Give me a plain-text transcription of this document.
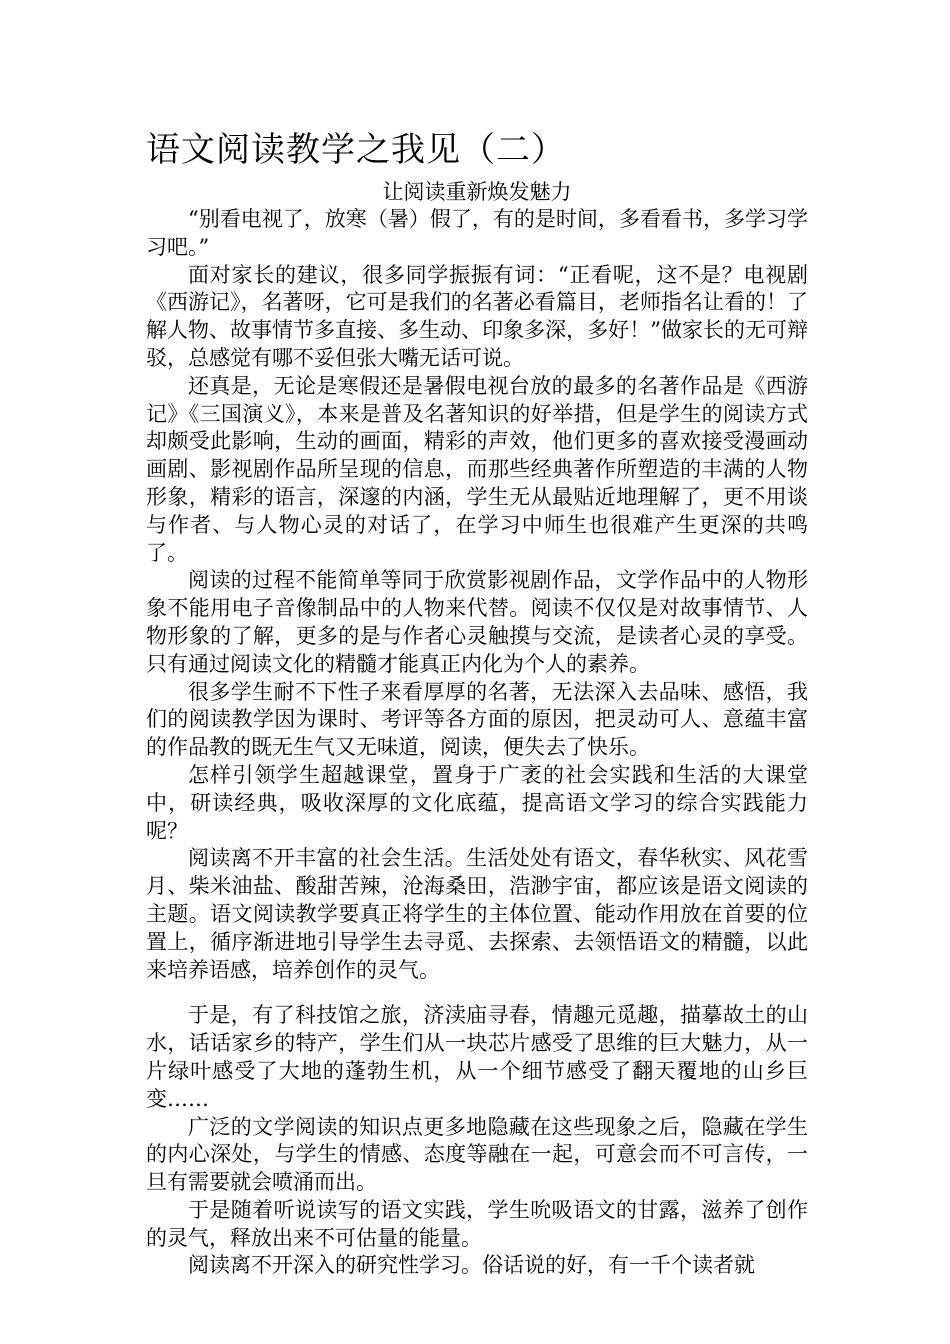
语文阅读教学之我见（二）

让阅读重新焕发魅力

“别看电视了，放寒（暑）假了，有的是时间，多看看书，多学习学习吧。”

面对家长的建议，很多同学振振有词：“正看呢，这不是？电视剧《西游记》，名著呀，它可是我们的名著必看篇目，老师指名让看的！了解人物、故事情节多直接、多生动、印象多深，多好！”做家长的无可辩驳，总感觉有哪不妥但张大嘴无话可说。

还真是，无论是寒假还是暑假电视台放的最多的名著作品是《西游记》《三国演义》，本来是普及名著知识的好举措，但是学生的阅读方式却颇受此影响，生动的画面，精彩的声效，他们更多的喜欢接受漫画动画剧、影视剧作品所呈现的信息，而那些经典著作所塑造的丰满的人物形象，精彩的语言，深邃的内涵，学生无从最贴近地理解了，更不用谈与作者、与人物心灵的对话了，在学习中师生也很难产生更深的共鸣了。

阅读的过程不能简单等同于欣赏影视剧作品，文学作品中的人物形象不能用电子音像制品中的人物来代替。阅读不仅仅是对故事情节、人物形象的了解，更多的是与作者心灵触摸与交流，是读者心灵的享受。只有通过阅读文化的精髓才能真正内化为个人的素养。

很多学生耐不下性子来看厚厚的名著，无法深入去品味、感悟，我们的阅读教学因为课时、考评等各方面的原因，把灵动可人、意蕴丰富的作品教的既无生气又无味道，阅读，便失去了快乐。

怎样引领学生超越课堂，置身于广袤的社会实践和生活的大课堂中，研读经典，吸收深厚的文化底蕴，提高语文学习的综合实践能力呢？

阅读离不开丰富的社会生活。生活处处有语文，春华秋实、风花雪月、柴米油盐、酸甜苦辣，沧海桑田，浩渺宇宙，都应该是语文阅读的主题。语文阅读教学要真正将学生的主体位置、能动作用放在首要的位置上，循序渐进地引导学生去寻觅、去探索、去领悟语文的精髓，以此来培养语感，培养创作的灵气。

于是，有了科技馆之旅，济渎庙寻春，情趣元觅趣，描摹故土的山水，话话家乡的特产，学生们从一块芯片感受了思维的巨大魅力，从一片绿叶感受了大地的蓬勃生机，从一个细节感受了翻天覆地的山乡巨变……

广泛的文学阅读的知识点更多地隐藏在这些现象之后，隐藏在学生的内心深处，与学生的情感、态度等融在一起，可意会而不可言传，一旦有需要就会喷涌而出。

于是随着听说读写的语文实践，学生吮吸语文的甘露，滋养了创作的灵气，释放出来不可估量的能量。

阅读离不开深入的研究性学习。俗话说的好，有一千个读者就
